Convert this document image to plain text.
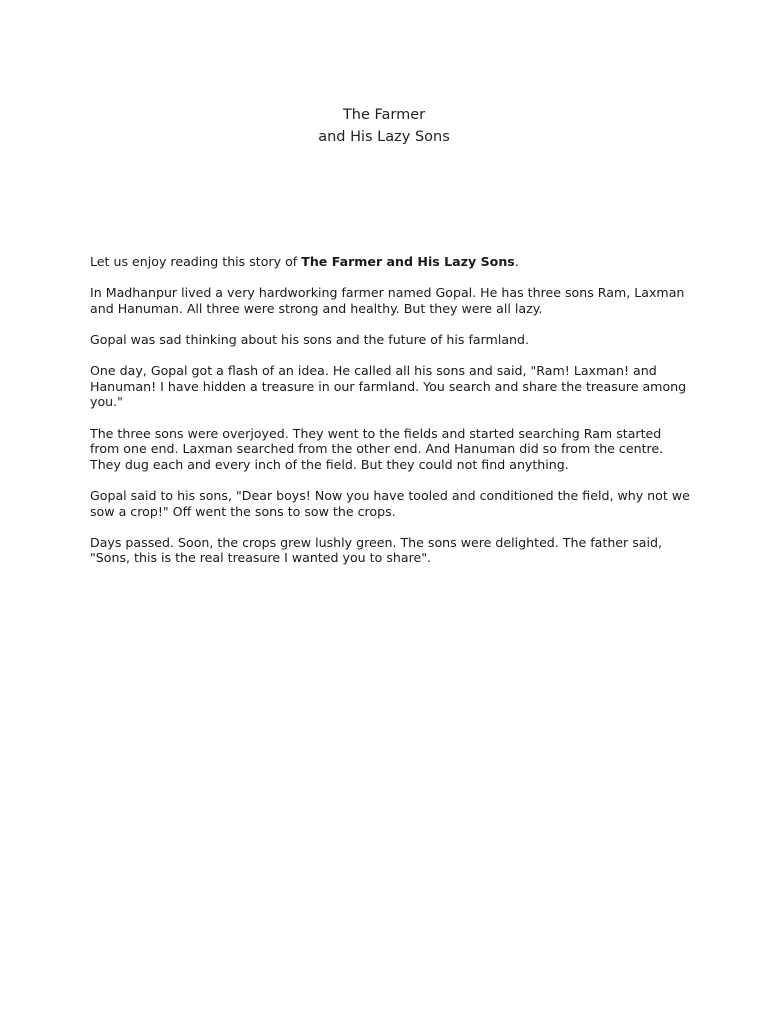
The Farmer
and His Lazy Sons

Let us enjoy reading this story of The Farmer and His Lazy Sons.

In Madhanpur lived a very hardworking farmer named Gopal. He has three sons Ram, Laxman and Hanuman. All three were strong and healthy. But they were all lazy.

Gopal was sad thinking about his sons and the future of his farmland.

One day, Gopal got a flash of an idea. He called all his sons and said, "Ram! Laxman! and Hanuman! I have hidden a treasure in our farmland. You search and share the treasure among you."

The three sons were overjoyed. They went to the fields and started searching Ram started from one end. Laxman searched from the other end. And Hanuman did so from the centre. They dug each and every inch of the field. But they could not find anything.

Gopal said to his sons, "Dear boys! Now you have tooled and conditioned the field, why not we sow a crop!" Off went the sons to sow the crops.

Days passed. Soon, the crops grew lushly green. The sons were delighted. The father said, "Sons, this is the real treasure I wanted you to share".
